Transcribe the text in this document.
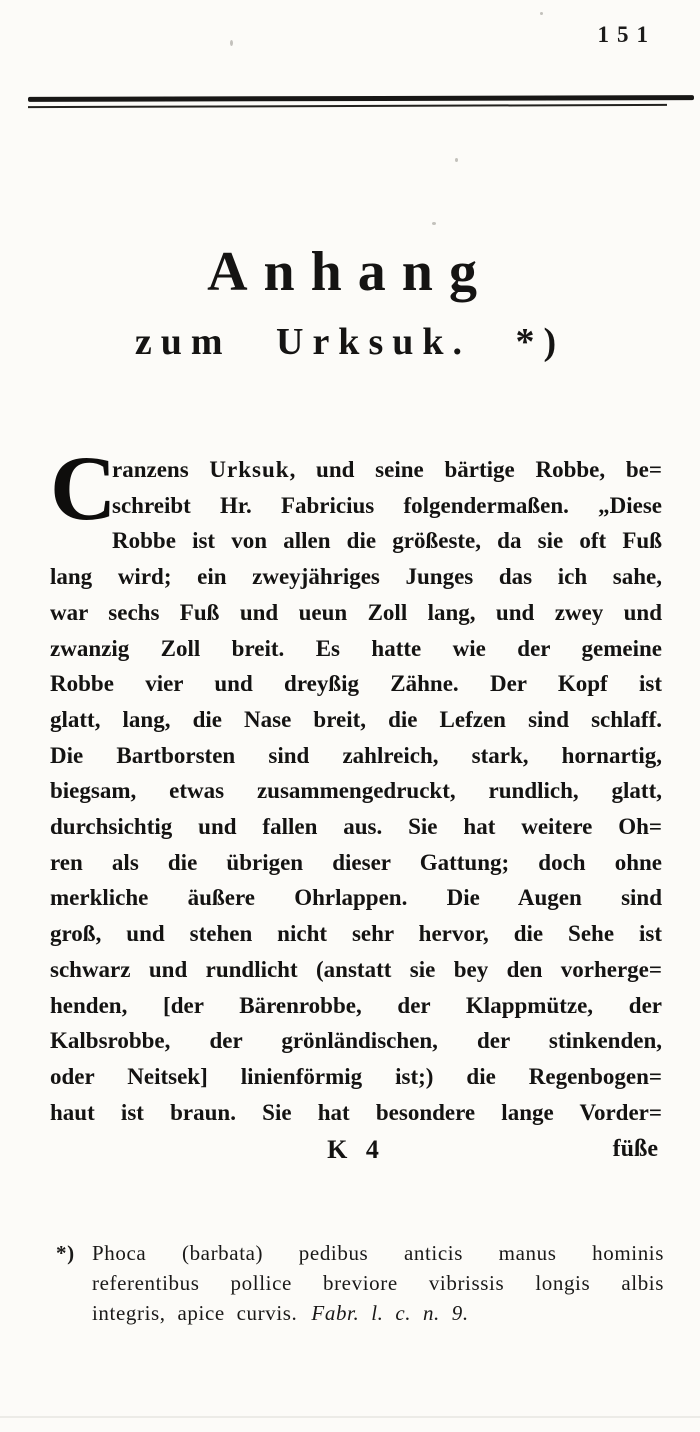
151
Anhang
zum Urksuk. *)
C
ranzens Urksuk, und seine bärtige Robbe, be=
schreibt Hr. Fabricius folgendermaßen. „Diese
Robbe ist von allen die größeste, da sie oft Fuß
lang wird; ein zweyjähriges Junges das ich sahe,
war sechs Fuß und ueun Zoll lang, und zwey und
zwanzig Zoll breit. Es hatte wie der gemeine
Robbe vier und dreyßig Zähne. Der Kopf ist
glatt, lang, die Nase breit, die Lefzen sind schlaff.
Die Bartborsten sind zahlreich, stark, hornartig,
biegsam, etwas zusammengedruckt, rundlich, glatt,
durchsichtig und fallen aus. Sie hat weitere Oh=
ren als die übrigen dieser Gattung; doch ohne
merkliche äußere Ohrlappen. Die Augen sind
groß, und stehen nicht sehr hervor, die Sehe ist
schwarz und rundlicht (anstatt sie bey den vorherge=
henden, [der Bärenrobbe, der Klappmütze, der
Kalbsrobbe, der grönländischen, der stinkenden,
oder Neitsek] linienförmig ist;) die Regenbogen=
haut ist braun. Sie hat besondere lange Vorder=
K 4	füße
*) Phoca (barbata) pedibus anticis manus hominis
referentibus pollice breviore vibrissis longis albis
integris, apice curvis. Fabr. l. c. n. 9.
